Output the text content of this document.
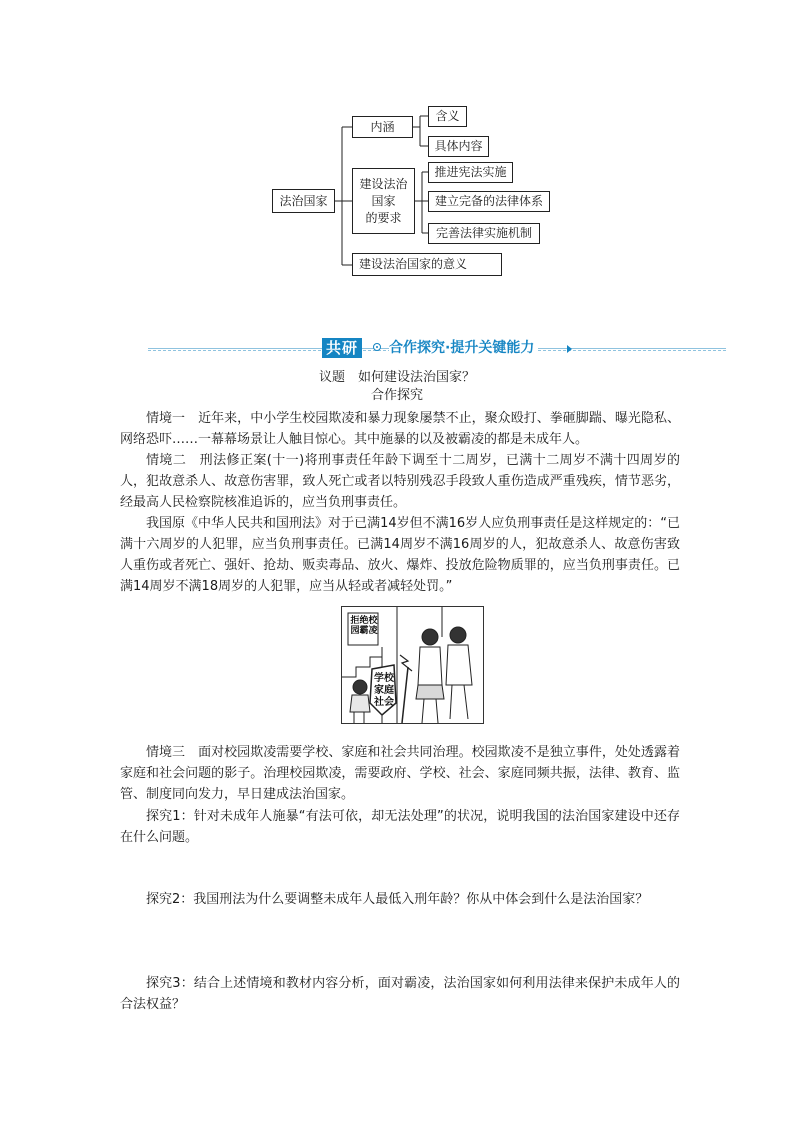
法治国家
内涵
含义
具体内容
建设法治
国家
的要求
推进宪法实施
建立完备的法律体系
完善法律实施机制
建设法治国家的意义
共研 合作探究·提升关键能力
议题　如何建设法治国家？
合作探究

情境一　近年来，中小学生校园欺凌和暴力现象屡禁不止，聚众殴打、拳砸脚踹、曝光隐私、网络恐吓……一幕幕场景让人触目惊心。其中施暴的以及被霸凌的都是未成年人。

情境二　刑法修正案(十一)将刑事责任年龄下调至十二周岁，已满十二周岁不满十四周岁的人，犯故意杀人、故意伤害罪，致人死亡或者以特别残忍手段致人重伤造成严重残疾，情节恶劣，经最高人民检察院核准追诉的，应当负刑事责任。

我国原《中华人民共和国刑法》对于已满14岁但不满16岁人应负刑事责任是这样规定的：“已满十六周岁的人犯罪，应当负刑事责任。已满14周岁不满16周岁的人，犯故意杀人、故意伤害致人重伤或者死亡、强奸、抢劫、贩卖毒品、放火、爆炸、投放危险物质罪的，应当负刑事责任。已满14周岁不满18周岁的人犯罪，应当从轻或者减轻处罚。”

拒绝校园霸凌
学校
家庭
社会

情境三　面对校园欺凌需要学校、家庭和社会共同治理。校园欺凌不是独立事件，处处透露着家庭和社会问题的影子。治理校园欺凌，需要政府、学校、社会、家庭同频共振，法律、教育、监管、制度同向发力，早日建成法治国家。

探究1：针对未成年人施暴“有法可依，却无法处理”的状况，说明我国的法治国家建设中还存在什么问题。

探究2：我国刑法为什么要调整未成年人最低入刑年龄？你从中体会到什么是法治国家？

探究3：结合上述情境和教材内容分析，面对霸凌，法治国家如何利用法律来保护未成年人的合法权益？
